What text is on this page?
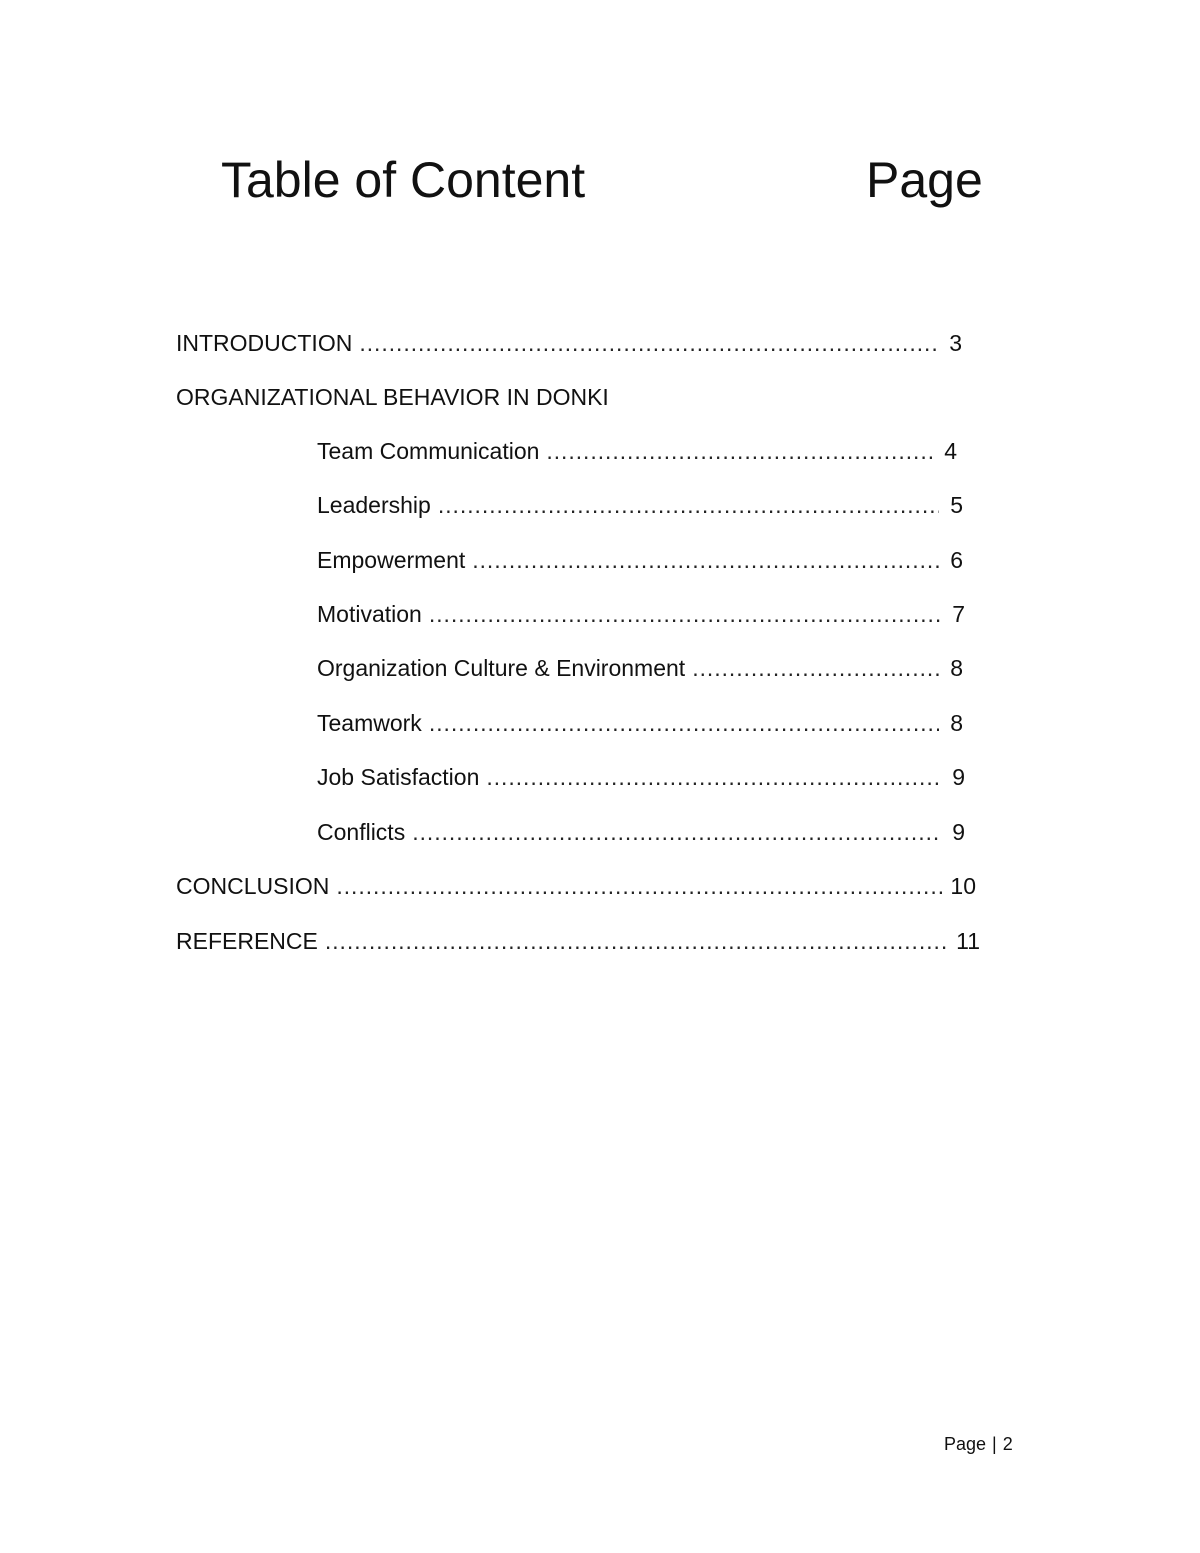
Table of Content	Page
INTRODUCTION ………………………………………………………………………………………………………………………………………………………………	3
ORGANIZATIONAL BEHAVIOR IN DONKI
Team Communication ………………………………………………………………………………………………………………………………………………………………	4
Leadership ………………………………………………………………………………………………………………………………………………………………	5
Empowerment ………………………………………………………………………………………………………………………………………………………………	6
Motivation ………………………………………………………………………………………………………………………………………………………………	7
Organization Culture & Environment ………………………………………………………………………………………………………………………………………………………………	8
Teamwork ………………………………………………………………………………………………………………………………………………………………	8
Job Satisfaction ………………………………………………………………………………………………………………………………………………………………	9
Conflicts ………………………………………………………………………………………………………………………………………………………………	9
CONCLUSION ………………………………………………………………………………………………………………………………………………………………	10
REFERENCE ………………………………………………………………………………………………………………………………………………………………	11
Page | 2
